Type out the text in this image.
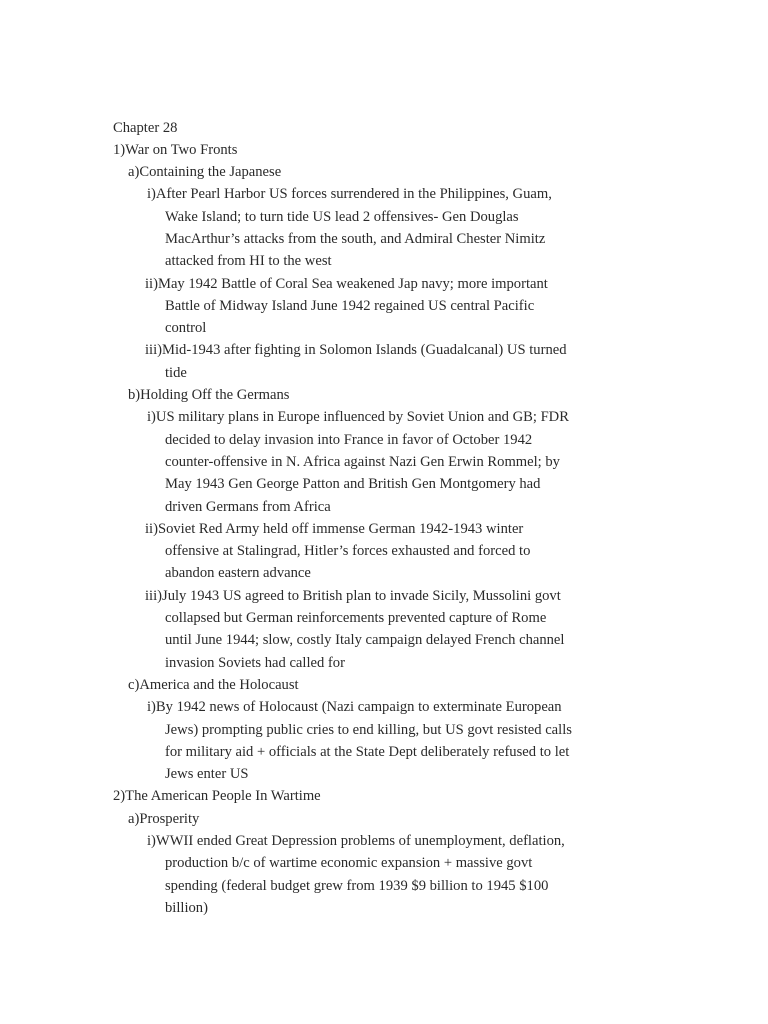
Chapter 28
1)War on Two Fronts
a)Containing the Japanese
i)After Pearl Harbor US forces surrendered in the Philippines, Guam,
Wake Island; to turn tide US lead 2 offensives- Gen Douglas
MacArthur’s attacks from the south, and Admiral Chester Nimitz
attacked from HI to the west
ii)May 1942 Battle of Coral Sea weakened Jap navy; more important
Battle of Midway Island June 1942 regained US central Pacific
control
iii)Mid-1943 after fighting in Solomon Islands (Guadalcanal) US turned
tide
b)Holding Off the Germans
i)US military plans in Europe influenced by Soviet Union and GB; FDR
decided to delay invasion into France in favor of October 1942
counter-offensive in N. Africa against Nazi Gen Erwin Rommel; by
May 1943 Gen George Patton and British Gen Montgomery had
driven Germans from Africa
ii)Soviet Red Army held off immense German 1942-1943 winter
offensive at Stalingrad, Hitler’s forces exhausted and forced to
abandon eastern advance
iii)July 1943 US agreed to British plan to invade Sicily, Mussolini govt
collapsed but German reinforcements prevented capture of Rome
until June 1944; slow, costly Italy campaign delayed French channel
invasion Soviets had called for
c)America and the Holocaust
i)By 1942 news of Holocaust (Nazi campaign to exterminate European
Jews) prompting public cries to end killing, but US govt resisted calls
for military aid + officials at the State Dept deliberately refused to let
Jews enter US
2)The American People In Wartime
a)Prosperity
i)WWII ended Great Depression problems of unemployment, deflation,
production b/c of wartime economic expansion + massive govt
spending (federal budget grew from 1939 $9 billion to 1945 $100
billion)
